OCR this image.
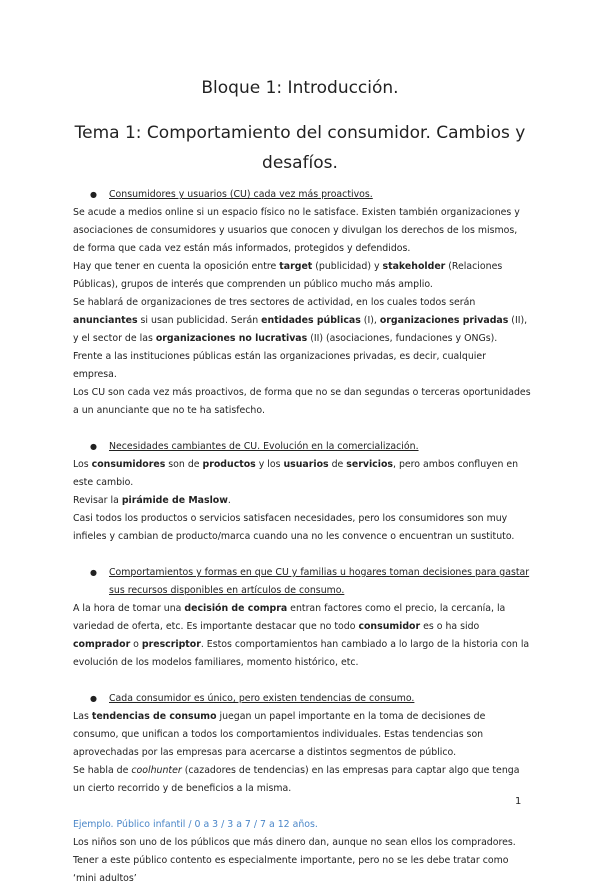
Bloque 1: Introducción.
Tema 1: Comportamiento del consumidor. Cambios y desafíos.
● Consumidores y usuarios (CU) cada vez más proactivos.

Se acude a medios online si un espacio físico no le satisface. Existen también organizaciones y asociaciones de consumidores y usuarios que conocen y divulgan los derechos de los mismos, de forma que cada vez están más informados, protegidos y defendidos.

Hay que tener en cuenta la oposición entre target (publicidad) y stakeholder (Relaciones Públicas), grupos de interés que comprenden un público mucho más amplio.

Se hablará de organizaciones de tres sectores de actividad, en los cuales todos serán anunciantes si usan publicidad. Serán entidades públicas (I), organizaciones privadas (II), y el sector de las organizaciones no lucrativas (II) (asociaciones, fundaciones y ONGs).

Frente a las instituciones públicas están las organizaciones privadas, es decir, cualquier empresa.

Los CU son cada vez más proactivos, de forma que no se dan segundas o terceras oportunidades a un anunciante que no te ha satisfecho.

● Necesidades cambiantes de CU. Evolución en la comercialización.

Los consumidores son de productos y los usuarios de servicios, pero ambos confluyen en este cambio.

Revisar la pirámide de Maslow.

Casi todos los productos o servicios satisfacen necesidades, pero los consumidores son muy infieles y cambian de producto/marca cuando una no les convence o encuentran un sustituto.

● Comportamientos y formas en que CU y familias u hogares toman decisiones para gastar sus recursos disponibles en artículos de consumo.

A la hora de tomar una decisión de compra entran factores como el precio, la cercanía, la variedad de oferta, etc. Es importante destacar que no todo consumidor es o ha sido comprador o prescriptor. Estos comportamientos han cambiado a lo largo de la historia con la evolución de los modelos familiares, momento histórico, etc.

● Cada consumidor es único, pero existen tendencias de consumo.

Las tendencias de consumo juegan un papel importante en la toma de decisiones de consumo, que unifican a todos los comportamientos individuales. Estas tendencias son aprovechadas por las empresas para acercarse a distintos segmentos de público.

Se habla de coolhunter (cazadores de tendencias) en las empresas para captar algo que tenga un cierto recorrido y de beneficios a la misma.

Ejemplo. Público infantil / 0 a 3 / 3 a 7 / 7 a 12 años.

Los niños son uno de los públicos que más dinero dan, aunque no sean ellos los compradores. Tener a este público contento es especialmente importante, pero no se les debe tratar como ‘mini adultos’

1
